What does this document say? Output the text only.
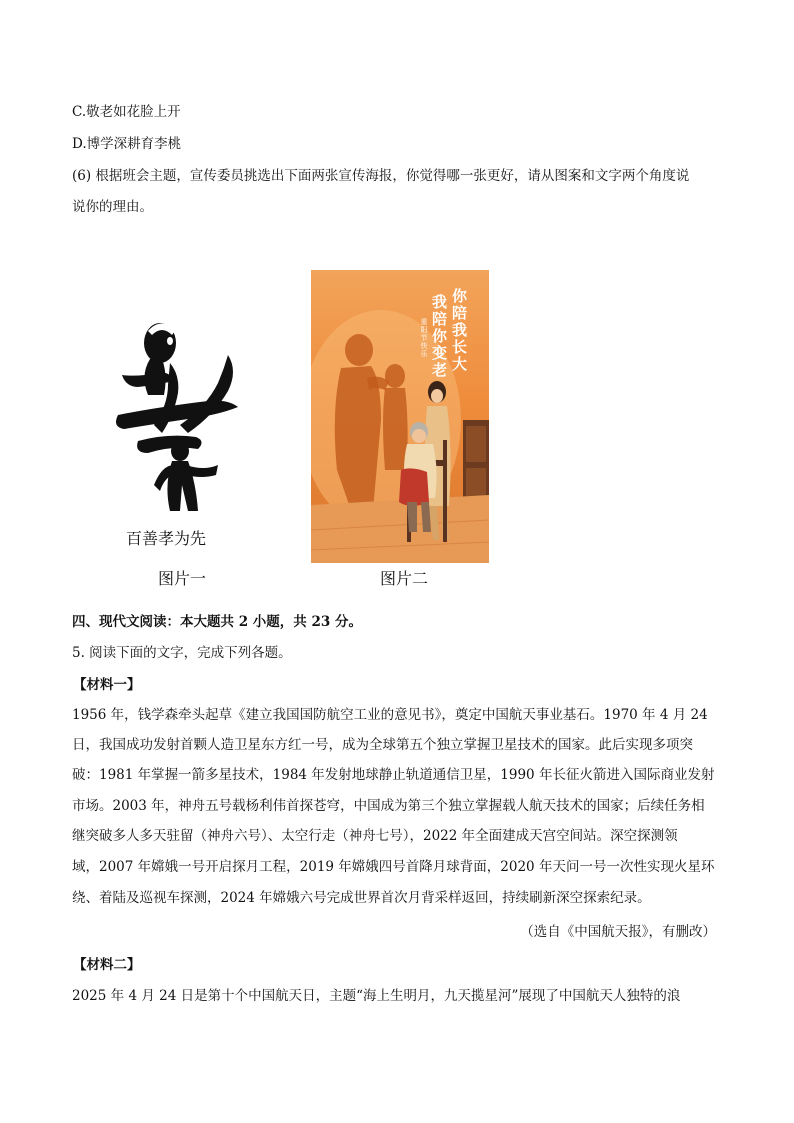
C.敬老如花脸上开
D.博学深耕育李桃
(6) 根据班会主题，宣传委员挑选出下面两张宣传海报，你觉得哪一张更好，请从图案和文字两个角度说
说你的理由。
百善孝为先
图片一
你陪我长大
我陪你变老
重阳节快乐
图片二
四、现代文阅读：本大题共 2 小题，共 23 分。
5. 阅读下面的文字，完成下列各题。
【材料一】
1956 年，钱学森牵头起草《建立我国国防航空工业的意见书》，奠定中国航天事业基石。1970 年 4 月 24
日，我国成功发射首颗人造卫星东方红一号，成为全球第五个独立掌握卫星技术的国家。此后实现多项突
破：1981 年掌握一箭多星技术，1984 年发射地球静止轨道通信卫星，1990 年长征火箭进入国际商业发射
市场。2003 年，神舟五号载杨利伟首探苍穹，中国成为第三个独立掌握载人航天技术的国家；后续任务相
继突破多人多天驻留（神舟六号）、太空行走（神舟七号），2022 年全面建成天宫空间站。深空探测领
域，2007 年嫦娥一号开启探月工程，2019 年嫦娥四号首降月球背面，2020 年天问一号一次性实现火星环
绕、着陆及巡视车探测，2024 年嫦娥六号完成世界首次月背采样返回，持续刷新深空探索纪录。
（选自《中国航天报》，有删改）
【材料二】
2025 年 4 月 24 日是第十个中国航天日，主题“海上生明月，九天揽星河”展现了中国航天人独特的浪
